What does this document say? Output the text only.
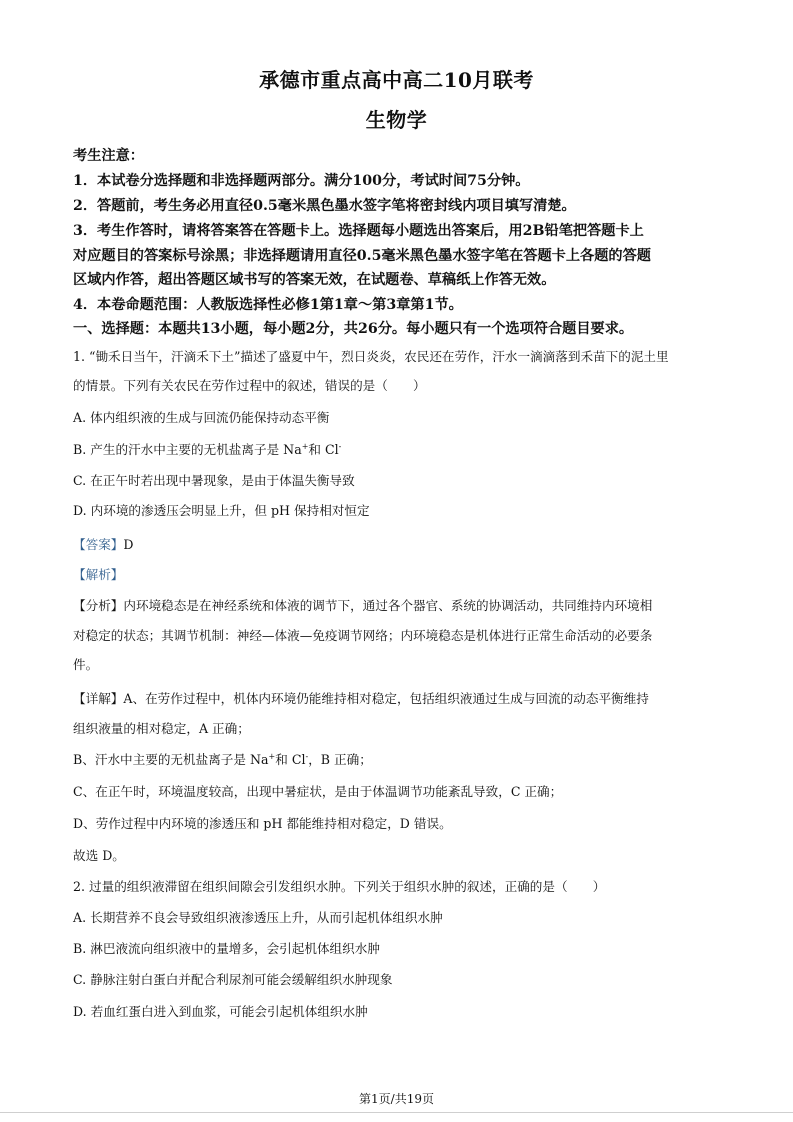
承德市重点高中高二10月联考
生物学
考生注意：
1．本试卷分选择题和非选择题两部分。满分100分，考试时间75分钟。
2．答题前，考生务必用直径0.5毫米黑色墨水签字笔将密封线内项目填写清楚。
3．考生作答时，请将答案答在答题卡上。选择题每小题选出答案后，用2B铅笔把答题卡上
对应题目的答案标号涂黑；非选择题请用直径0.5毫米黑色墨水签字笔在答题卡上各题的答题
区域内作答，超出答题区域书写的答案无效，在试题卷、草稿纸上作答无效。
4．本卷命题范围：人教版选择性必修1第1章～第3章第1节。
一、选择题：本题共13小题，每小题2分，共26分。每小题只有一个选项符合题目要求。
1. “锄禾日当午，汗滴禾下土”描述了盛夏中午，烈日炎炎，农民还在劳作，汗水一滴滴落到禾苗下的泥土里
的情景。下列有关农民在劳作过程中的叙述，错误的是（　　）
A. 体内组织液的生成与回流仍能保持动态平衡
B. 产生的汗水中主要的无机盐离子是 Na+和 Cl-
C. 在正午时若出现中暑现象，是由于体温失衡导致
D. 内环境的渗透压会明显上升，但 pH 保持相对恒定
【答案】D
【解析】
【分析】内环境稳态是在神经系统和体液的调节下，通过各个器官、系统的协调活动，共同维持内环境相
对稳定的状态；其调节机制：神经—体液—免疫调节网络；内环境稳态是机体进行正常生命活动的必要条
件。
【详解】A、在劳作过程中，机体内环境仍能维持相对稳定，包括组织液通过生成与回流的动态平衡维持
组织液量的相对稳定，A 正确；
B、汗水中主要的无机盐离子是 Na+和 Cl-，B 正确；
C、在正午时，环境温度较高，出现中暑症状，是由于体温调节功能紊乱导致，C 正确；
D、劳作过程中内环境的渗透压和 pH 都能维持相对稳定，D 错误。
故选 D。
2. 过量的组织液滞留在组织间隙会引发组织水肿。下列关于组织水肿的叙述，正确的是（　　）
A. 长期营养不良会导致组织液渗透压上升，从而引起机体组织水肿
B. 淋巴液流向组织液中的量增多，会引起机体组织水肿
C. 静脉注射白蛋白并配合利尿剂可能会缓解组织水肿现象
D. 若血红蛋白进入到血浆，可能会引起机体组织水肿
第1页/共19页
